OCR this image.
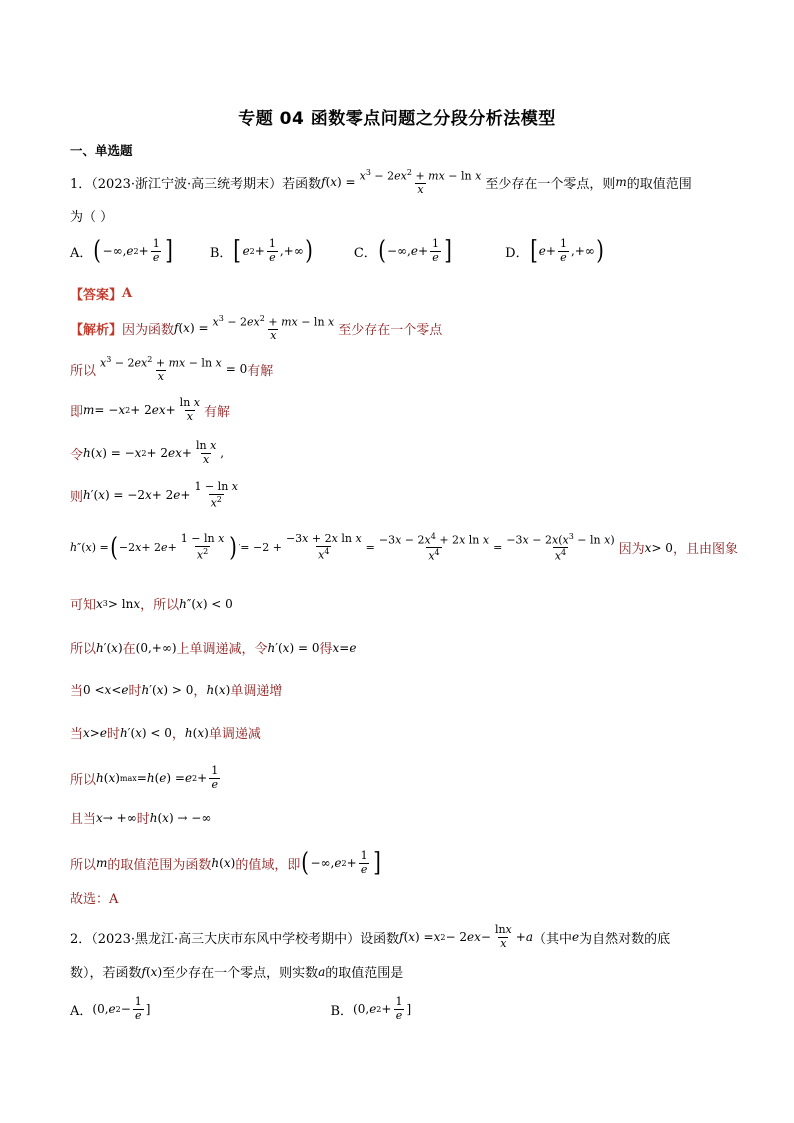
专题 04 函数零点问题之分段分析法模型
一、单选题
1．（2023·浙江宁波·高三统考期末）若函数 f ( x ) = $\frac{x^3 - 2ex^2 + mx - \ln x}{x}$ 至少存在一个零点，则 m 的取值范围
为（ ）
A． ( −∞, e $2 + \frac{1}{e}$ ]	B． [ e $2 + \frac{1}{e}$ ,+∞ )	C． ( −∞, $e + \frac{1}{e}$ ]	D． [ $e + \frac{1}{e}$ ,+∞ )
【答案】 A
【解析】 因为函数 f ( x ) = $\frac{x^3 - 2ex^2 + mx - \ln x}{x}$ 至少存在一个零点
所以 $\frac{x^3 - 2ex^2 + mx - \ln x}{x} = 0$ 有解
即 m = − x 2 + 2 ex + $\frac{\text{ln x}}{x}$ 有解
令 h ( x ) = − x 2 + 2 ex + $\frac{\text{ln x}}{x}$ ,
则 h ′( x ) = −2 x + 2 $e + \frac{\text{1 − ln x}}{x^2}$
h ″( x ) = ( −2 x + 2 $e + \frac{\text{1 − ln x}}{x^2}$ ) ′ = $-2 + \frac{\text{−3x + 2x ln x}}{x^4} = \frac{-3x - 2x^4 + 2x \ln x}{x^4} = \frac{-3x - 2x(x^3 - \ln x)}{x^4}$ 因为 x > 0 ，且由图象
可知 x 3 > ln x ，所以 h ″( x ) < 0
所以 h ′( x ) 在 (0,+∞) 上单调递减，令 h ′( x ) = 0 得 x = e
当 0 < x < e 时 h ′( x ) > 0 ， h ( x ) 单调递增
当 x > e 时 h ′( x ) < 0 ， h ( x ) 单调递减
所以 h ( x ) max = h ( e ) = e $2 + \frac{1}{e}$
且当 x → +∞ 时 h ( x ) → −∞
所以 m 的取值范围为函数 h ( x ) 的值域，即 ( −∞, e $2 + \frac{1}{e}$ ]
故选：A
2．（2023·黑龙江·高三大庆市东风中学校考期中）设函数 f ( x ) = x 2 − 2 ex − $\frac{\ln x}{x} + a$ （其中 e 为自然对数的底
数），若函数 f ( x ) 至少存在一个零点，则实数 a 的取值范围是
A． (0, e $2 - \frac{1}{e}$ ]	B． (0, e $2 + \frac{1}{e}$ ]
